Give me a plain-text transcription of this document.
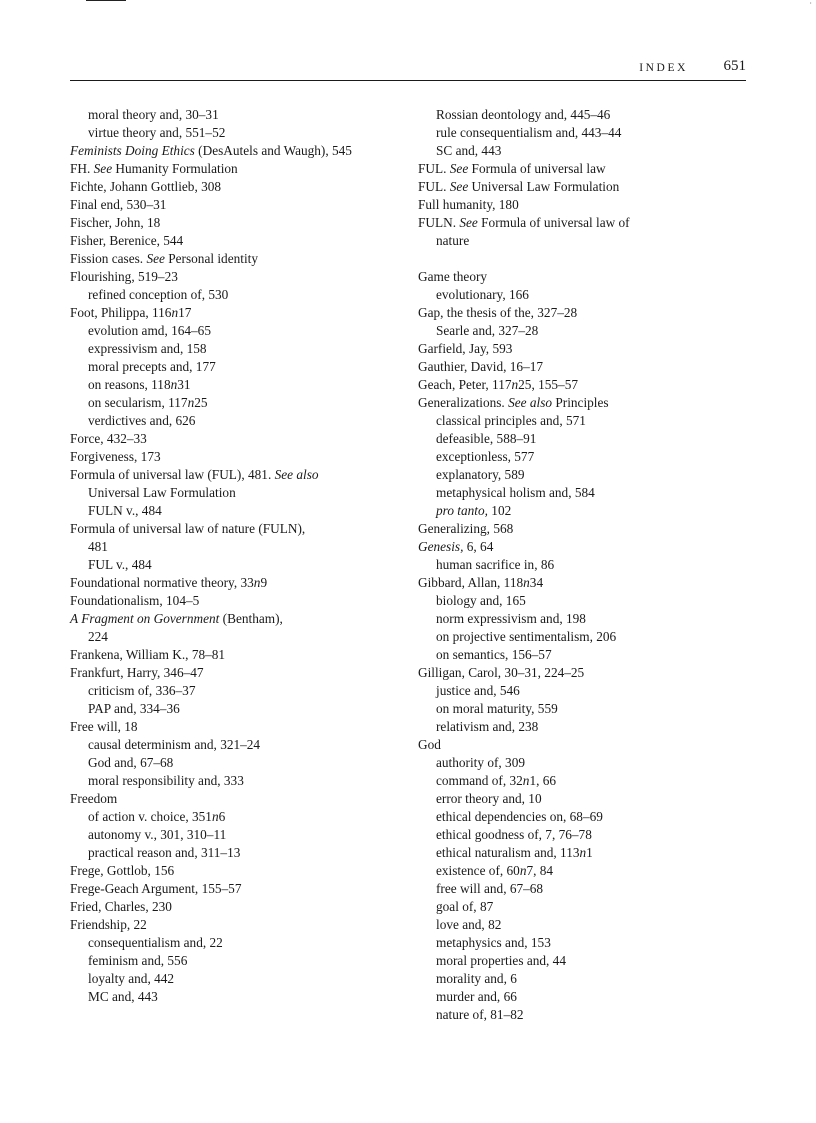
·
INDEX 651
moral theory and, 30–31
virtue theory and, 551–52
Feminists Doing Ethics (DesAutels and Waugh), 545
FH. See Humanity Formulation
Fichte, Johann Gottlieb, 308
Final end, 530–31
Fischer, John, 18
Fisher, Berenice, 544
Fission cases. See Personal identity
Flourishing, 519–23
refined conception of, 530
Foot, Philippa, 116n17
evolution amd, 164–65
expressivism and, 158
moral precepts and, 177
on reasons, 118n31
on secularism, 117n25
verdictives and, 626
Force, 432–33
Forgiveness, 173
Formula of universal law (FUL), 481. See also
Universal Law Formulation
FULN v., 484
Formula of universal law of nature (FULN),
481
FUL v., 484
Foundational normative theory, 33n9
Foundationalism, 104–5
A Fragment on Government (Bentham),
224
Frankena, William K., 78–81
Frankfurt, Harry, 346–47
criticism of, 336–37
PAP and, 334–36
Free will, 18
causal determinism and, 321–24
God and, 67–68
moral responsibility and, 333
Freedom
of action v. choice, 351n6
autonomy v., 301, 310–11
practical reason and, 311–13
Frege, Gottlob, 156
Frege-Geach Argument, 155–57
Fried, Charles, 230
Friendship, 22
consequentialism and, 22
feminism and, 556
loyalty and, 442
MC and, 443
Rossian deontology and, 445–46
rule consequentialism and, 443–44
SC and, 443
FUL. See Formula of universal law
FUL. See Universal Law Formulation
Full humanity, 180
FULN. See Formula of universal law of
nature
Game theory
evolutionary, 166
Gap, the thesis of the, 327–28
Searle and, 327–28
Garfield, Jay, 593
Gauthier, David, 16–17
Geach, Peter, 117n25, 155–57
Generalizations. See also Principles
classical principles and, 571
defeasible, 588–91
exceptionless, 577
explanatory, 589
metaphysical holism and, 584
pro tanto, 102
Generalizing, 568
Genesis, 6, 64
human sacrifice in, 86
Gibbard, Allan, 118n34
biology and, 165
norm expressivism and, 198
on projective sentimentalism, 206
on semantics, 156–57
Gilligan, Carol, 30–31, 224–25
justice and, 546
on moral maturity, 559
relativism and, 238
God
authority of, 309
command of, 32n1, 66
error theory and, 10
ethical dependencies on, 68–69
ethical goodness of, 7, 76–78
ethical naturalism and, 113n1
existence of, 60n7, 84
free will and, 67–68
goal of, 87
love and, 82
metaphysics and, 153
moral properties and, 44
morality and, 6
murder and, 66
nature of, 81–82
